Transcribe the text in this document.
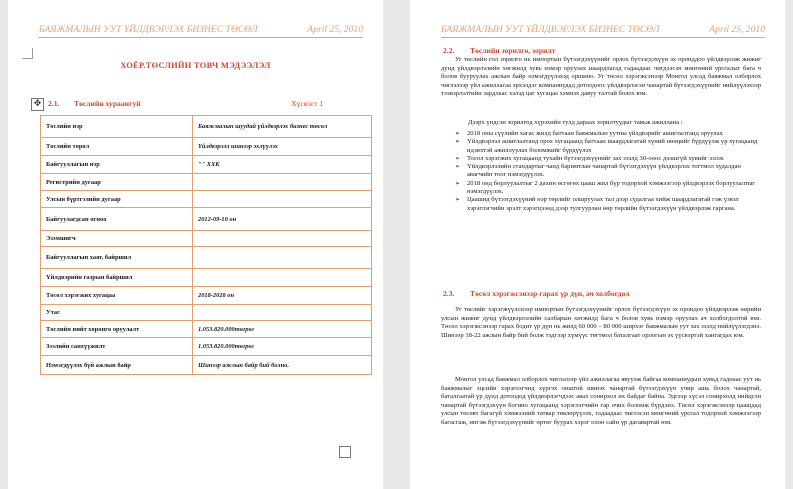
БАЯЖМАЛЫН УУТ ҮЙЛДВЭРЛЭХ БИЗНЕС ТӨСӨЛ	April 25, 2010
ХОЁР.ТӨСЛИЙН ТОВЧ МЭДЭЭЛЭЛ
✥ 2.1. Төслийн хураангуй	Хүснэгт 1
Төслийн нэр	Баяжмалын шуудай үйлдвэрлэх бизнес төсөл
Төслийн төрөл	Үйлдвэрлэл шинээр эхлүүлэх
Байгууллагын нэр	"" ХХК
Регистрийн дугаар	
Улсын бүртгэлийн дугаар	
Байгуулагдсан огноо	2012-09-10 он
Эзэмшигч	
Байгууллагын хаяг, байршил	
Үйлдвэрийн газрын байршил	
Төсөл хэрэгжих хугацаа	2018-2028 он
Утас	
Төслийн нийт хөрөнгө оруулалт	1.053.820.000төгрөг
Зээлийн санхүүжилт	1.053.820.000төгрөг
Нэмэгдүүлэх бүй ажлын байр	Шинээр ажлын байр бий болно.
БАЯЖМАЛЫН УУТ ҮЙЛДВЭРЛЭХ БИЗНЕС ТӨСӨЛ	April 25, 2010
2.2. Төслийн зорилго, зорилт
Уг төслийн гол зорилго нь импортын бүтээгдэхүүнийг орлох бүтээгдэхүүн эх оронддоо үйлдвэрлэж жижиг дунд үйлдвэрлэлийн хөгжилд хувь нэмэр оруулах шаардлагад гадаадаас чигдээсэн мөнгөний урсгалыг бага ч болов бууруулах ажлын байр нэмэгдүүлэхэд оршино. Уг төсөл хэрэгжсэнээр Монгол улсад баяжмал олборлох чиглэлээр үйл ажиллагаа эрхэлдэг компаниудад дотоодоос үйлдвэрлэсэн чанартай бүтээгдэхүүнийг нийлүүлэхээр тээвэрлэлтийн зардлаас хэлэд цаг хугацаа хэмнэх давуу талтай болох юм.
Дээрх үндсэн зорилгод хүрэхийн тулд дараах зорилтуудыг тавьж ажиллана :
➢ 2018 оны сүүлийн хагас жилд баттааи баяжмалын уутны үйлдвэрийг ашиглалтанд оруулах
➢ Үйлдвэрлэл ашиглалтанд орох хугацаанд баттаан шаардлагатай хүний нөөцийг бүрдүүлж ур хугацаанд идэвхтэй ажиллуулах боломжийг бүрдүүлэх
➢ Тосол хэрэгжих хугацаанд тухайн бүтээгдэхүүнийг зах зээлд 30-ооос дээшгүй хувийг эзлэх
➢ Үйлдвэрлэлийн стандартыг чанд баримтлан чанартай бүтээгдэхүүн үйлдвэрлэх тогтмол худалдан авагчийн тоог нэмэгдүүлэх.
➢ 2018 онд борлуулалтыг 2 дахин өсгөгөх цааш жил бүр тодорхой хэмжээгээр үйлдвэрлэх борлуулалтыг нэмэгдүүлэх.
➢ Цаашид бүтээгдэхүүний нэр төрлийг олшруулах тал дээр судалгаа хийж шаардлагатай гэж үзвэл хэрэглэгчийн эрэлт хэрэгцээнд дээр тулгуурлан өөр төрлийн бүтээгдэхүүн үйлдвэрлэж гаргана.
2.3. Төсөл хэрэгжсэнээр гарах үр дүн, ач холбогдол
Уг төслийг хэрэгжүүлснээр импортын бүтээгдэхүүнийг орлох бүтээгдэхүүн эх орондоо үйлдвэрлэж өөрийн улсын жижиг дунд үйлдвэрлэлийн салбарын хөгжилд бага ч болов хувь нэмэр оруулах ач холбогдолтой юм. Төсөл хэрэгжсэнээр гарах бодит үр дүн нь жилд 60 000 – 80 000 ширхэг баяжмалын уут зах зээлд нийлүүлэгдэнэ. Шинээр 18-22 ажлын байр бий болж тэдгээр хүмүүс төгтмол баталгаат орлогын эх үүсвэртэй хангагдах юм.
Монгол улсад баяжмал олборлох чиглэлээр үйл ажиллагаа явуулж байгаа компаниудын хувьд гаднаас уут нь баяжмалыг эцсийн хэрэглэгчид хүргэх оншгой шинэх чанартай бүтээгдэхүүн учир ашь болох чанартай, баталгаатай үр дүнд дотоодод үйлдвэрлэгчдээс авах сонирхол их байдаг байна. Эдгээр хүсэл сонирхолд нийцсэн чанартай бүтээгдэхүүн богино хугацаанд хэрэглэгчийн гар очих боломж бүрдэнэ. Төсөл хэрэгжсэнээр цаашдад улсын төсөвт багагүй хэмжээний татвар төвлөрүүлэх, гадаадаас чиглэсэн мөнгөний урсгал тодорхой хэмжээгээр багасгаж, ингэж бүтээгдэхүүнийг өртөг буурах хэрэг олон сайн үр дагавартай юм.
